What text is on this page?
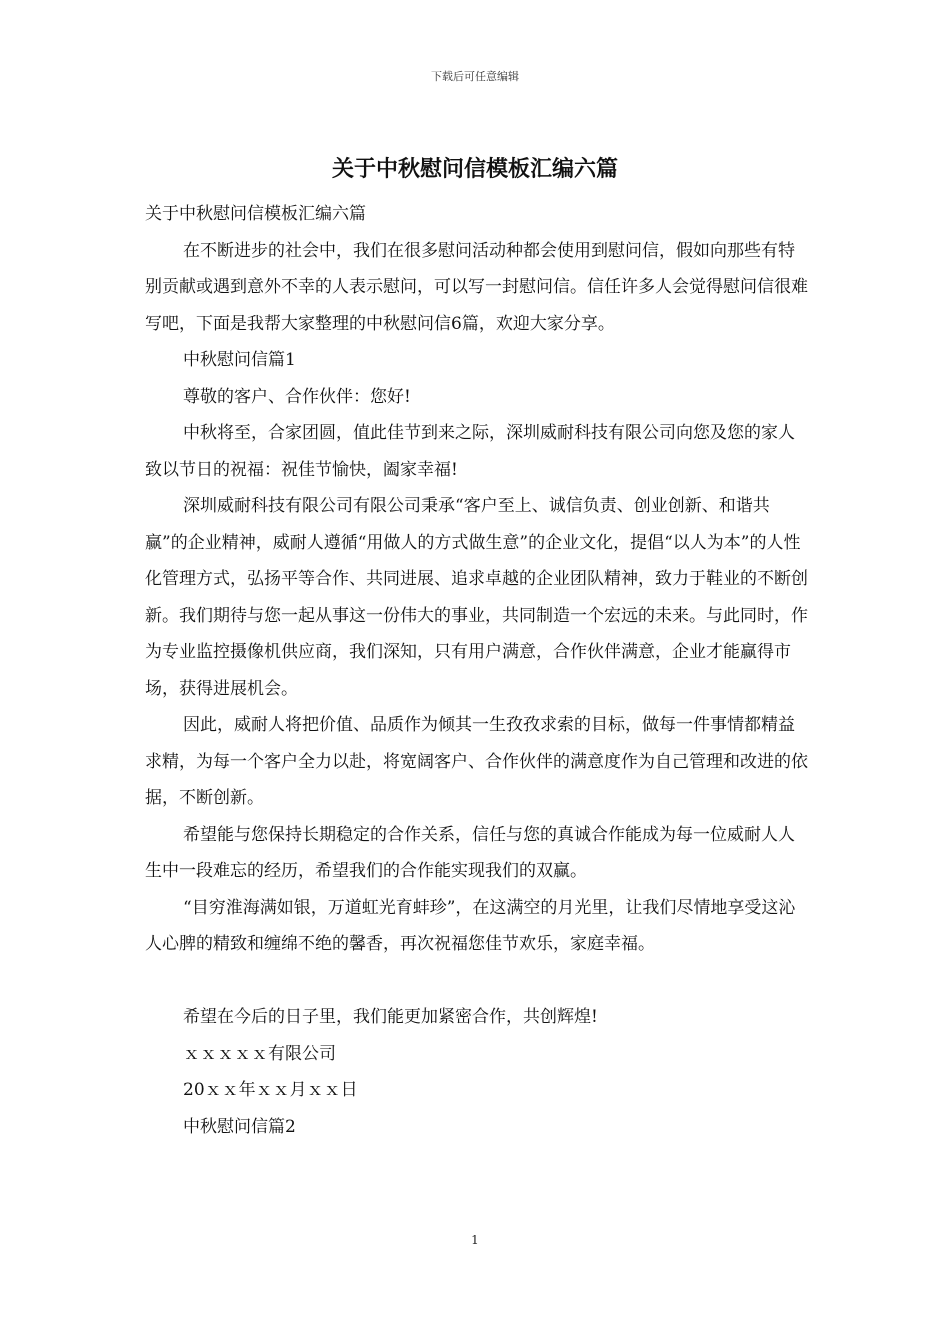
下载后可任意编辑
关于中秋慰问信模板汇编六篇

关于中秋慰问信模板汇编六篇

在不断进步的社会中，我们在很多慰问活动种都会使用到慰问信，假如向那些有特别贡献或遇到意外不幸的人表示慰问，可以写一封慰问信。信任许多人会觉得慰问信很难写吧，下面是我帮大家整理的中秋慰问信6篇，欢迎大家分享。

中秋慰问信篇1

尊敬的客户、合作伙伴：您好!

中秋将至，合家团圆，值此佳节到来之际，深圳威耐科技有限公司向您及您的家人致以节日的祝福：祝佳节愉快，阖家幸福!

深圳威耐科技有限公司有限公司秉承“客户至上、诚信负责、创业创新、和谐共赢”的企业精神，威耐人遵循“用做人的方式做生意”的企业文化，提倡“以人为本”的人性化管理方式，弘扬平等合作、共同进展、追求卓越的企业团队精神，致力于鞋业的不断创新。我们期待与您一起从事这一份伟大的事业，共同制造一个宏远的未来。与此同时，作为专业监控摄像机供应商，我们深知，只有用户满意，合作伙伴满意，企业才能赢得市场，获得进展机会。

因此，威耐人将把价值、品质作为倾其一生孜孜求索的目标，做每一件事情都精益求精，为每一个客户全力以赴，将宽阔客户、合作伙伴的满意度作为自己管理和改进的依据，不断创新。

希望能与您保持长期稳定的合作关系，信任与您的真诚合作能成为每一位威耐人人生中一段难忘的经历，希望我们的合作能实现我们的双赢。

“目穷淮海满如银，万道虹光育蚌珍”，在这满空的月光里，让我们尽情地享受这沁人心脾的精致和缠绵不绝的馨香，再次祝福您佳节欢乐，家庭幸福。

希望在今后的日子里，我们能更加紧密合作，共创辉煌!

ｘｘｘｘｘ有限公司

20ｘｘ年ｘｘ月ｘｘ日

中秋慰问信篇2

1
